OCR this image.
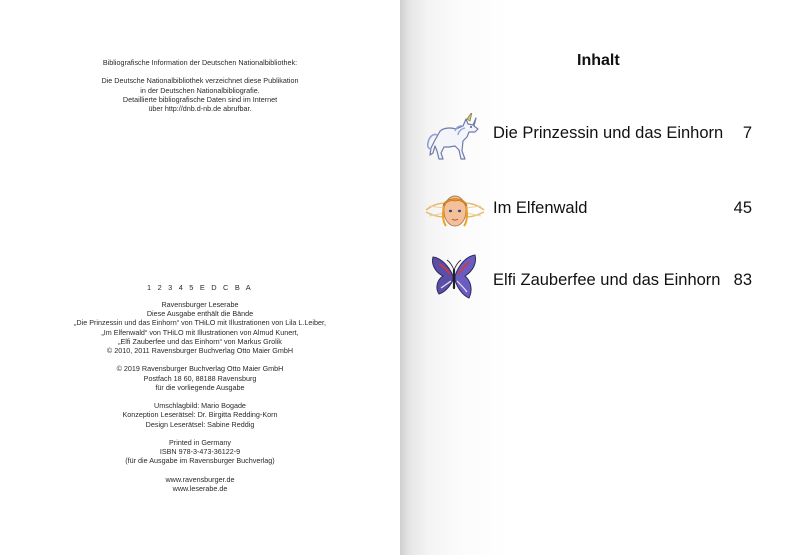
Bibliografische Information der Deutschen Nationalbibliothek:

Die Deutsche Nationalbibliothek verzeichnet diese Publikation
in der Deutschen Nationalbibliografie.
Detaillierte bibliografische Daten sind im Internet
über http://dnb.d-nb.de abrufbar.
1 2 3 4 5 E D C B A
Ravensburger Leserabe
Diese Ausgabe enthält die Bände
„Die Prinzessin und das Einhorn“ von THiLO mit Illustrationen von Lila L.Leiber,
„Im Elfenwald“ von THiLO mit Illustrationen von Almud Kunert,
„Elfi Zauberfee und das Einhorn“ von Markus Grolik
© 2010, 2011 Ravensburger Buchverlag Otto Maier GmbH

© 2019 Ravensburger Buchverlag Otto Maier GmbH
Postfach 18 60, 88188 Ravensburg
für die vorliegende Ausgabe

Umschlagbild: Mario Bogade
Konzeption Leserätsel: Dr. Birgitta Redding-Korn
Design Leserätsel: Sabine Reddig

Printed in Germany
ISBN 978-3-473-36122-9
(für die Ausgabe im Ravensburger Buchverlag)

www.ravensburger.de
www.leserabe.de
Inhalt
Die Prinzessin und das Einhorn	7
Im Elfenwald	45
Elfi Zauberfee und das Einhorn 83
